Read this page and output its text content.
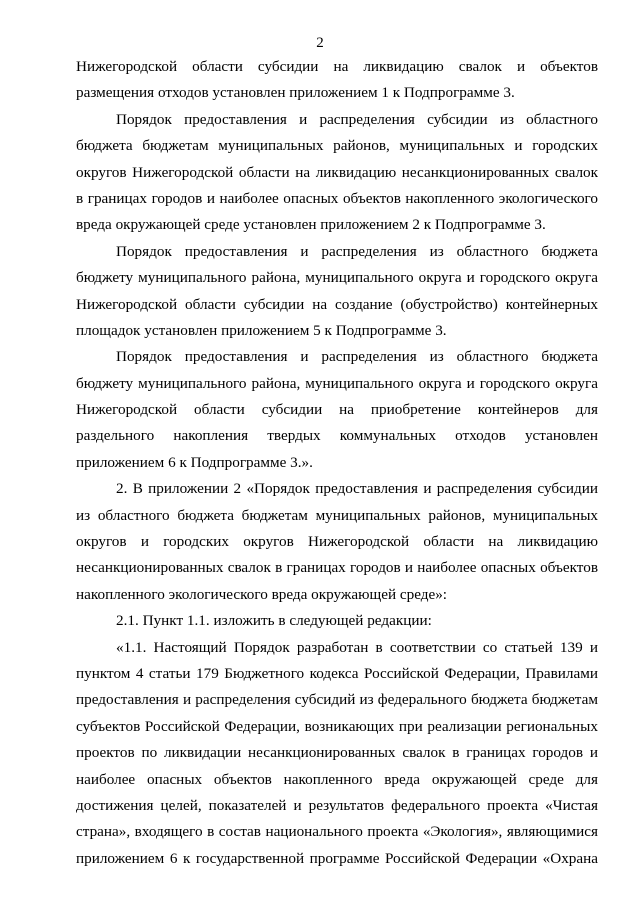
2
Нижегородской области субсидии на ликвидацию свалок и объектов
размещения отходов установлен приложением 1 к Подпрограмме 3.
Порядок предоставления и распределения субсидии из областного
бюджета бюджетам муниципальных районов, муниципальных и городских
округов Нижегородской области на ликвидацию несанкционированных свалок
в границах городов и наиболее опасных объектов накопленного экологического
вреда окружающей среде установлен приложением 2 к Подпрограмме 3.
Порядок предоставления и распределения из областного бюджета
бюджету муниципального района, муниципального округа и городского округа
Нижегородской области субсидии на создание (обустройство) контейнерных
площадок установлен приложением 5 к Подпрограмме 3.
Порядок предоставления и распределения из областного бюджета
бюджету муниципального района, муниципального округа и городского округа
Нижегородской области субсидии на приобретение контейнеров для
раздельного накопления твердых коммунальных отходов установлен
приложением 6 к Подпрограмме 3.».
2. В приложении 2 «Порядок предоставления и распределения субсидии
из областного бюджета бюджетам муниципальных районов, муниципальных
округов и городских округов Нижегородской области на ликвидацию
несанкционированных свалок в границах городов и наиболее опасных объектов
накопленного экологического вреда окружающей среде»:
2.1. Пункт 1.1. изложить в следующей редакции:
«1.1. Настоящий Порядок разработан в соответствии со статьей 139 и
пунктом 4 статьи 179 Бюджетного кодекса Российской Федерации, Правилами
предоставления и распределения субсидий из федерального бюджета бюджетам
субъектов Российской Федерации, возникающих при реализации региональных
проектов по ликвидации несанкционированных свалок в границах городов и
наиболее опасных объектов накопленного вреда окружающей среде для
достижения целей, показателей и результатов федерального проекта «Чистая
страна», входящего в состав национального проекта «Экология», являющимися
приложением 6 к государственной программе Российской Федерации «Охрана
